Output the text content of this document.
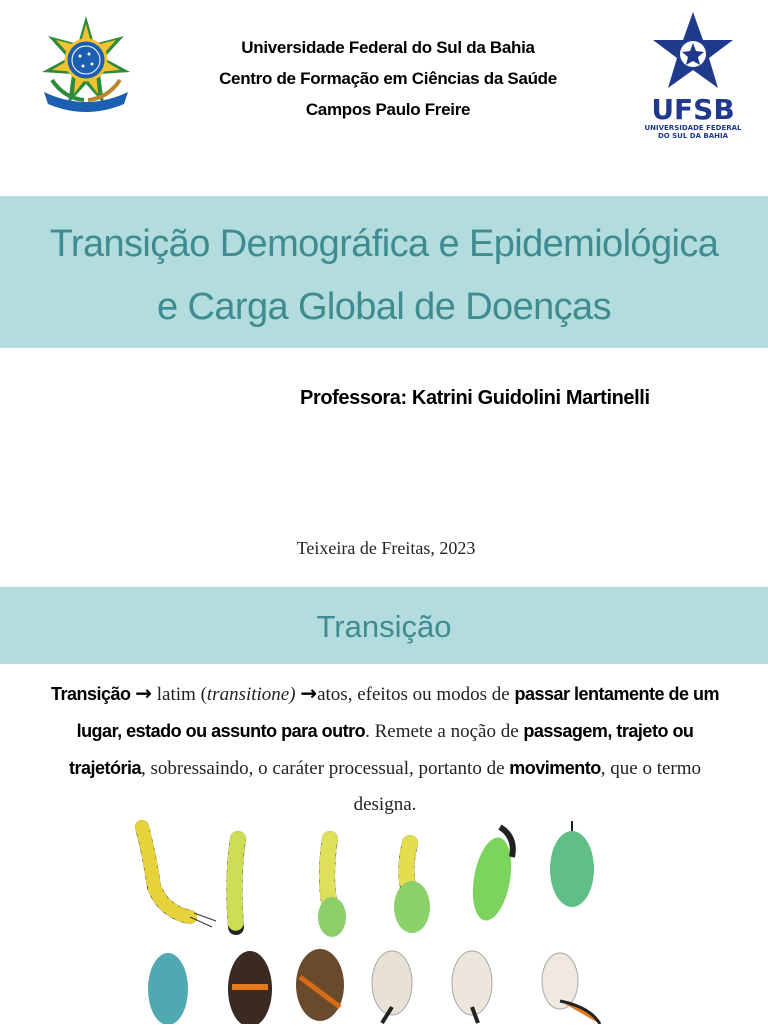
Universidade Federal do Sul da Bahia
Centro de Formação em Ciências da Saúde
Campos Paulo Freire	UFSB
UNIVERSIDADE FEDERAL
DO SUL DA BAHIA
Transição Demográfica e Epidemiológica
e Carga Global de Doenças
Professora: Katrini Guidolini Martinelli
Teixeira de Freitas, 2023
Transição
Transição → latim (transitione) →atos, efeitos ou modos de passar lentamente de um lugar, estado ou assunto para outro. Remete a noção de passagem, trajeto ou trajetória, sobressaindo, o caráter processual, portanto de movimento, que o termo designa.
